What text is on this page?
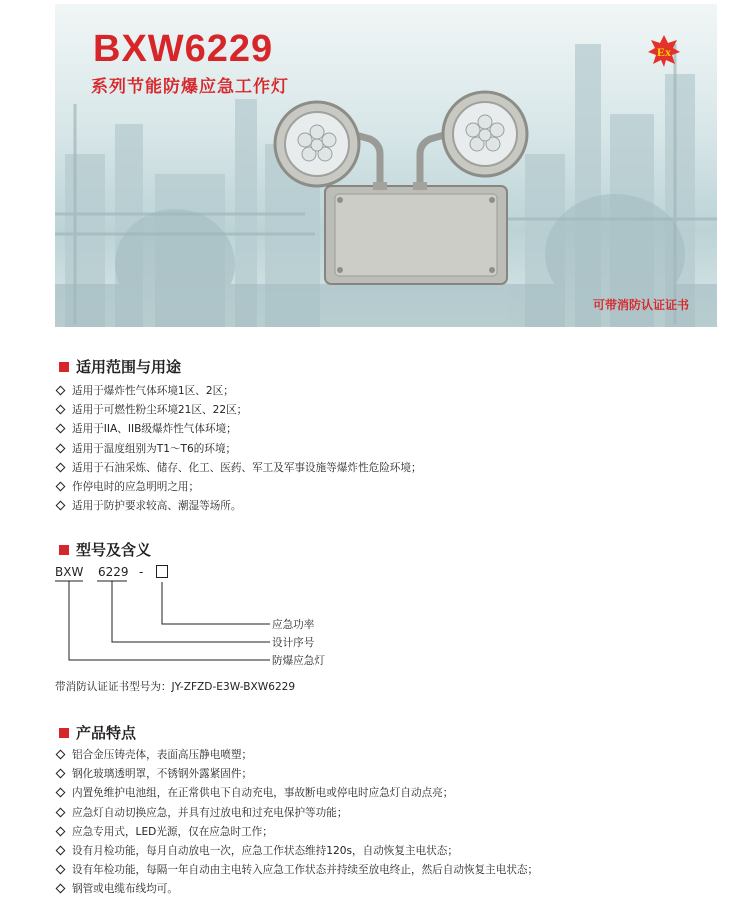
BXW6229
系列节能防爆应急工作灯
Ex
可带消防认证证书
适用范围与用途
适用于爆炸性气体环境1区、2区；
适用于可燃性粉尘环境21区、22区；
适用于IIA、IIB级爆炸性气体环境；
适用于温度组别为T1～T6的环境；
适用于石油采炼、储存、化工、医药、军工及军事设施等爆炸性危险环境；
作停电时的应急明明之用；
适用于防护要求较高、潮湿等场所。
型号及含义
BXW 6229 -
应急功率
设计序号
防爆应急灯
带消防认证证书型号为：JY-ZFZD-E3W-BXW6229
产品特点
铝合金压铸壳体，表面高压静电喷塑；
钢化玻璃透明罩，不锈钢外露紧固件；
内置免维护电池组，在正常供电下自动充电，事故断电或停电时应急灯自动点亮；
应急灯自动切换应急，并具有过放电和过充电保护等功能；
应急专用式，LED光源，仅在应急时工作；
设有月检功能，每月自动放电一次，应急工作状态维持120s，自动恢复主电状态；
设有年检功能，每隔一年自动由主电转入应急工作状态并持续至放电终止，然后自动恢复主电状态；
钢管或电缆布线均可。
